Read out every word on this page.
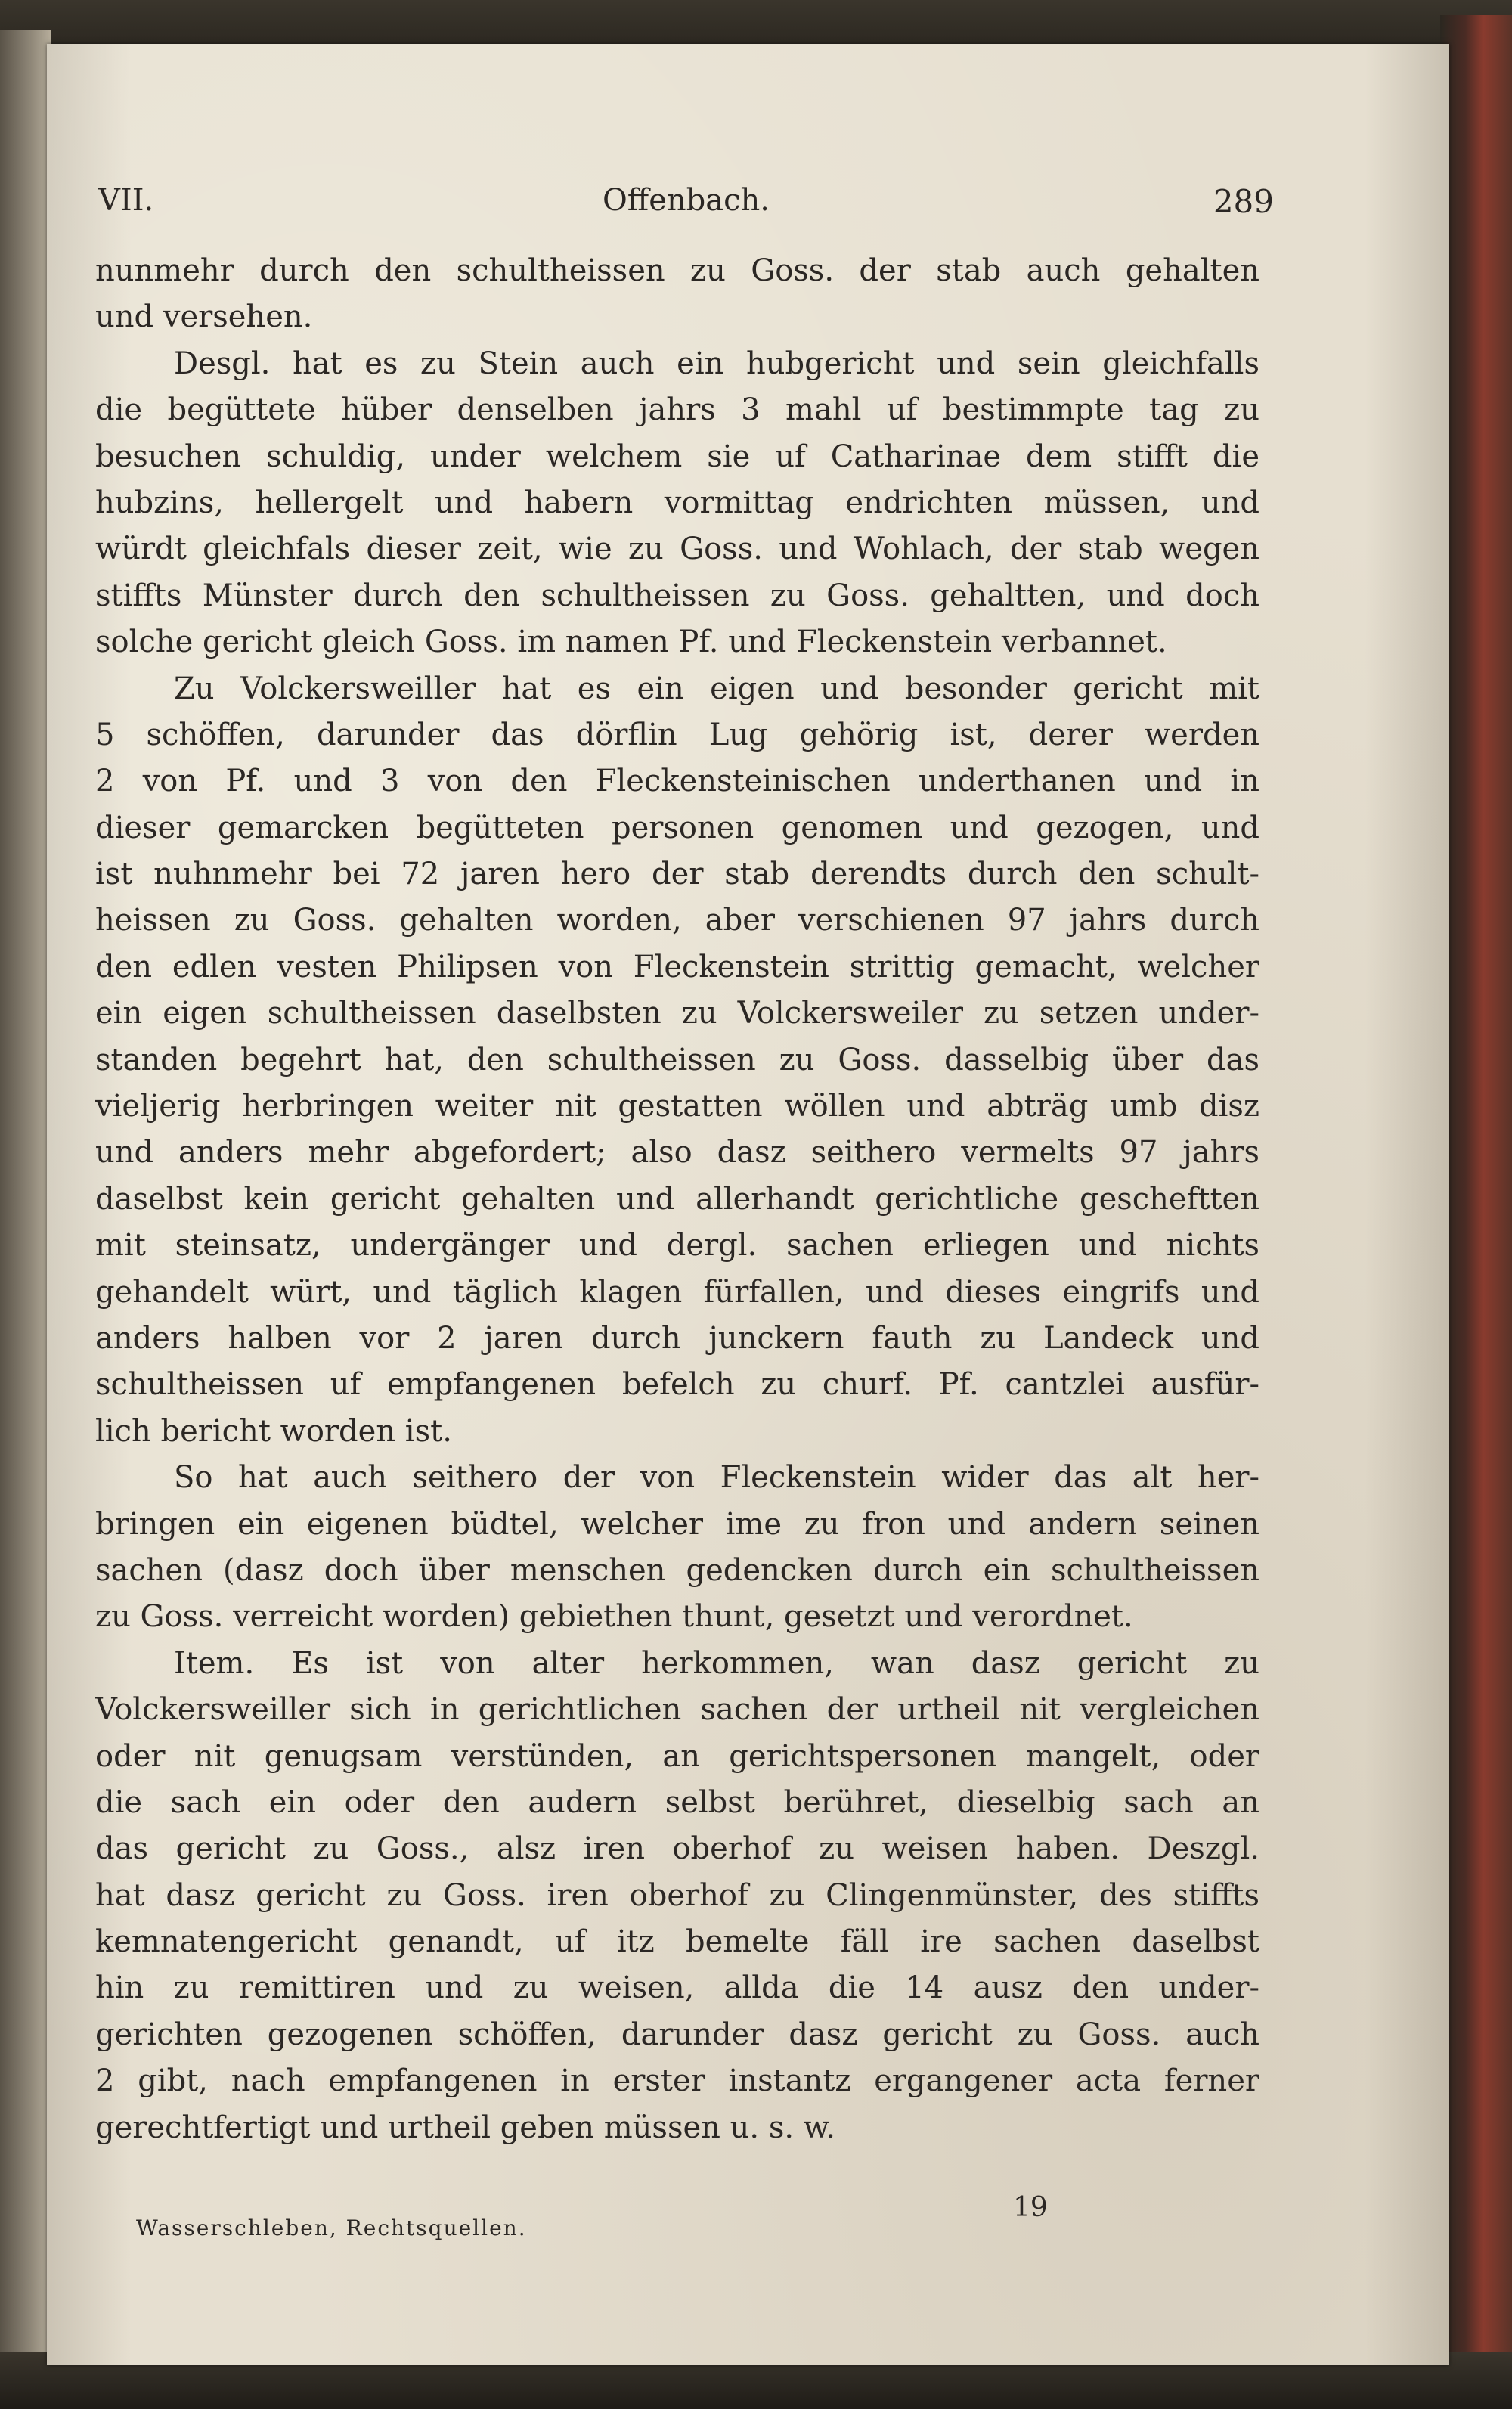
VII.	Offenbach.	289
nunmehr durch den schultheissen zu Goss. der stab auch gehalten
und versehen.
Desgl. hat es zu Stein auch ein hubgericht und sein gleichfalls
die begüttete hüber denselben jahrs 3 mahl uf bestimmpte tag zu
besuchen schuldig, under welchem sie uf Catharinae dem stifft die
hubzins, hellergelt und habern vormittag endrichten müssen, und
würdt gleichfals dieser zeit, wie zu Goss. und Wohlach, der stab wegen
stiffts Münster durch den schultheissen zu Goss. gehaltten, und doch
solche gericht gleich Goss. im namen Pf. und Fleckenstein verbannet.
Zu Volckersweiller hat es ein eigen und besonder gericht mit
5 schöffen, darunder das dörflin Lug gehörig ist, derer werden
2 von Pf. und 3 von den Fleckensteinischen underthanen und in
dieser gemarcken begütteten personen genomen und gezogen, und
ist nuhnmehr bei 72 jaren hero der stab derendts durch den schult-
heissen zu Goss. gehalten worden, aber verschienen 97 jahrs durch
den edlen vesten Philipsen von Fleckenstein strittig gemacht, welcher
ein eigen schultheissen daselbsten zu Volckersweiler zu setzen under-
standen begehrt hat, den schultheissen zu Goss. dasselbig über das
vieljerig herbringen weiter nit gestatten wöllen und abträg umb disz
und anders mehr abgefordert; also dasz seithero vermelts 97 jahrs
daselbst kein gericht gehalten und allerhandt gerichtliche gescheftten
mit steinsatz, undergänger und dergl. sachen erliegen und nichts
gehandelt würt, und täglich klagen fürfallen, und dieses eingrifs und
anders halben vor 2 jaren durch junckern fauth zu Landeck und
schultheissen uf empfangenen befelch zu churf. Pf. cantzlei ausfür-
lich bericht worden ist.
So hat auch seithero der von Fleckenstein wider das alt her-
bringen ein eigenen büdtel, welcher ime zu fron und andern seinen
sachen (dasz doch über menschen gedencken durch ein schultheissen
zu Goss. verreicht worden) gebiethen thunt, gesetzt und verordnet.
Item. Es ist von alter herkommen, wan dasz gericht zu
Volckersweiller sich in gerichtlichen sachen der urtheil nit vergleichen
oder nit genugsam verstünden, an gerichtspersonen mangelt, oder
die sach ein oder den audern selbst berühret, dieselbig sach an
das gericht zu Goss., alsz iren oberhof zu weisen haben. Deszgl.
hat dasz gericht zu Goss. iren oberhof zu Clingenmünster, des stiffts
kemnatengericht genandt, uf itz bemelte fäll ire sachen daselbst
hin zu remittiren und zu weisen, allda die 14 ausz den under-
gerichten gezogenen schöffen, darunder dasz gericht zu Goss. auch
2 gibt, nach empfangenen in erster instantz ergangener acta ferner
gerechtfertigt und urtheil geben müssen u. s. w.
19
Wasserschleben, Rechtsquellen.
